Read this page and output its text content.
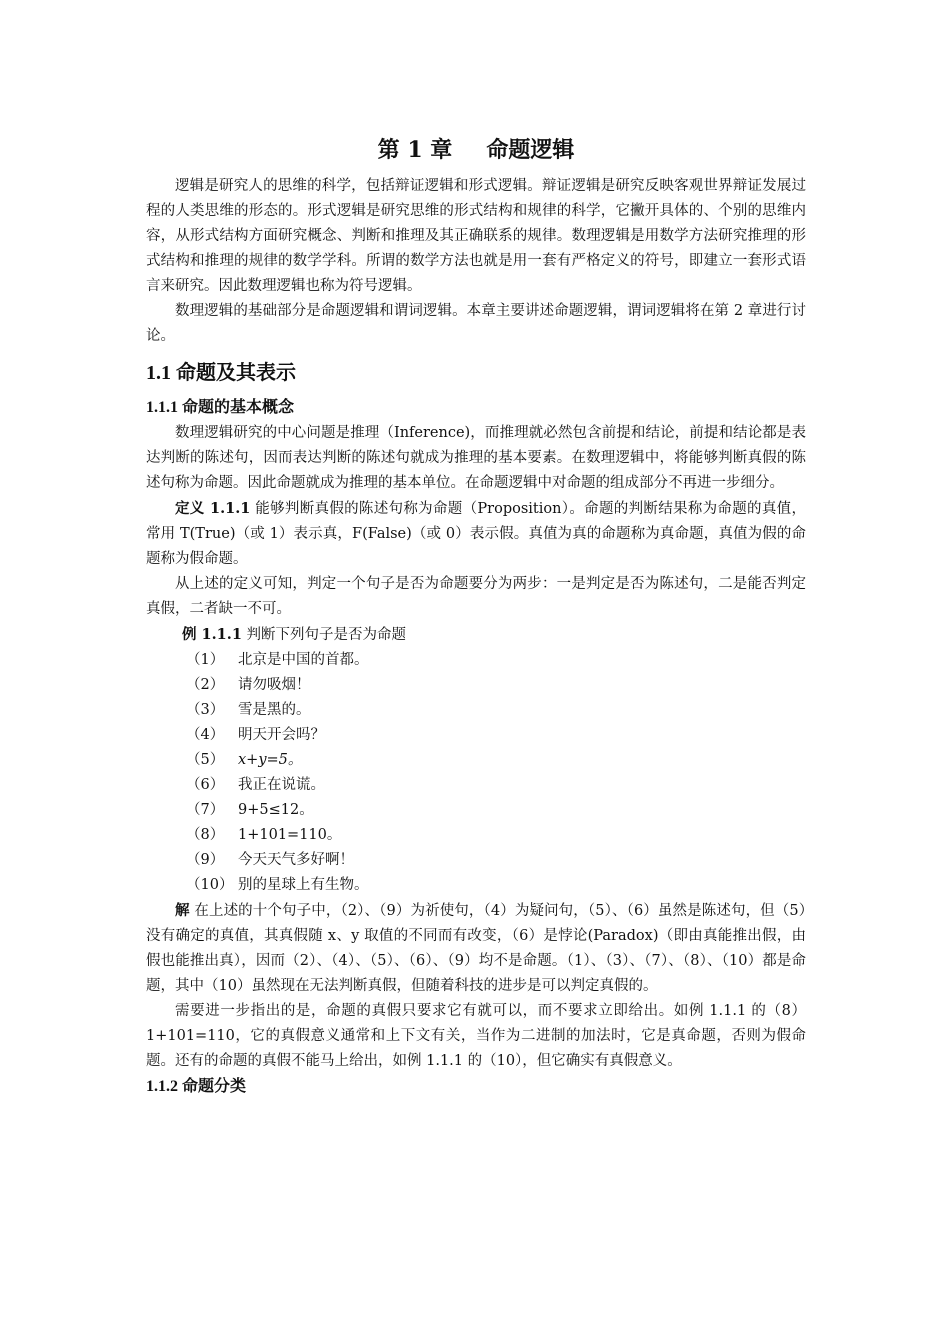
第 1 章 命题逻辑

逻辑是研究人的思维的科学，包括辩证逻辑和形式逻辑。辩证逻辑是研究反映客观世界辩证发展过程的人类思维的形态的。形式逻辑是研究思维的形式结构和规律的科学，它撇开具体的、个别的思维内容，从形式结构方面研究概念、判断和推理及其正确联系的规律。数理逻辑是用数学方法研究推理的形式结构和推理的规律的数学学科。所谓的数学方法也就是用一套有严格定义的符号，即建立一套形式语言来研究。因此数理逻辑也称为符号逻辑。

数理逻辑的基础部分是命题逻辑和谓词逻辑。本章主要讲述命题逻辑，谓词逻辑将在第 2 章进行讨论。

1.1 命题及其表示
1.1.1 命题的基本概念

数理逻辑研究的中心问题是推理（Inference)，而推理就必然包含前提和结论，前提和结论都是表达判断的陈述句，因而表达判断的陈述句就成为推理的基本要素。在数理逻辑中，将能够判断真假的陈述句称为命题。因此命题就成为推理的基本单位。在命题逻辑中对命题的组成部分不再进一步细分。

定义 1.1.1 能够判断真假的陈述句称为命题（Proposition）。命题的判断结果称为命题的真值，常用 T(True)（或 1）表示真，F(False)（或 0）表示假。真值为真的命题称为真命题，真值为假的命题称为假命题。

从上述的定义可知，判定一个句子是否为命题要分为两步：一是判定是否为陈述句，二是能否判定真假，二者缺一不可。

例 1.1.1 判断下列句子是否为命题

（1） 北京是中国的首都。
（2） 请勿吸烟！
（3） 雪是黑的。
（4） 明天开会吗？
（5） x+y=5。
（6） 我正在说谎。
（7） 9+5≤12。
（8） 1+101=110。
（9） 今天天气多好啊！
（10） 别的星球上有生物。

解 在上述的十个句子中，（2）、（9）为祈使句，（4）为疑问句，（5）、（6）虽然是陈述句，但（5）没有确定的真值，其真假随 x、y 取值的不同而有改变，（6）是悖论(Paradox)（即由真能推出假，由假也能推出真），因而（2）、（4）、（5）、（6）、（9）均不是命题。（1）、（3）、（7）、（8）、（10）都是命题，其中（10）虽然现在无法判断真假，但随着科技的进步是可以判定真假的。

需要进一步指出的是，命题的真假只要求它有就可以，而不要求立即给出。如例 1.1.1 的（8）1+101=110，它的真假意义通常和上下文有关，当作为二进制的加法时，它是真命题，否则为假命题。还有的命题的真假不能马上给出，如例 1.1.1 的（10），但它确实有真假意义。

1.1.2 命题分类
